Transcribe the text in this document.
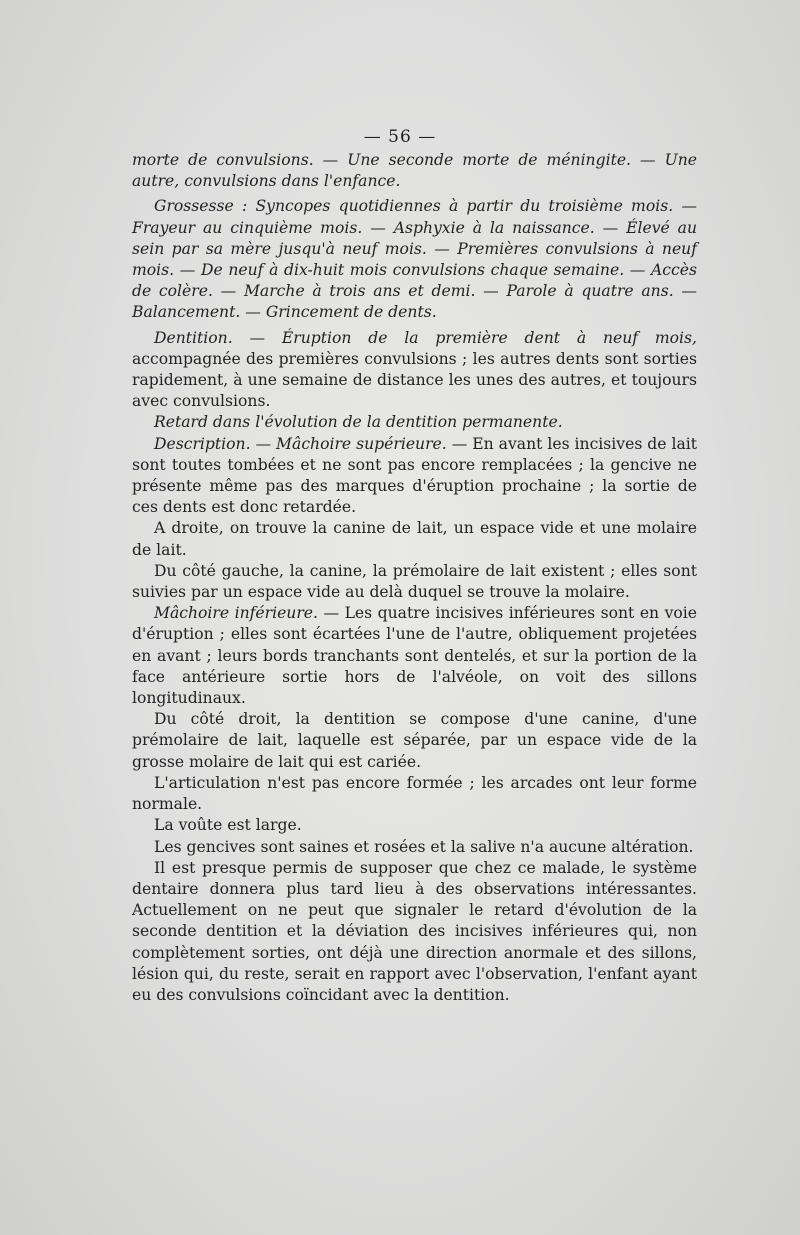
— 56 —

morte de convulsions. — Une seconde morte de méningite. — Une autre, convulsions dans l'enfance.

Grossesse : Syncopes quotidiennes à partir du troisième mois. — Frayeur au cinquième mois. — Asphyxie à la naissance. — Élevé au sein par sa mère jusqu'à neuf mois. — Premières convulsions à neuf mois. — De neuf à dix-huit mois convulsions chaque semaine. — Accès de colère. — Marche à trois ans et demi. — Parole à quatre ans. — Balancement. — Grincement de dents.

Dentition. — Éruption de la première dent à neuf mois, accompagnée des premières convulsions ; les autres dents sont sorties rapidement, à une semaine de distance les unes des autres, et toujours avec convulsions.

Retard dans l'évolution de la dentition permanente.

Description. — Mâchoire supérieure. — En avant les incisives de lait sont toutes tombées et ne sont pas encore remplacées ; la gencive ne présente même pas des marques d'éruption prochaine ; la sortie de ces dents est donc retardée.

A droite, on trouve la canine de lait, un espace vide et une molaire de lait.

Du côté gauche, la canine, la prémolaire de lait existent ; elles sont suivies par un espace vide au delà duquel se trouve la molaire.

Mâchoire inférieure. — Les quatre incisives inférieures sont en voie d'éruption ; elles sont écartées l'une de l'autre, obliquement projetées en avant ; leurs bords tranchants sont dentelés, et sur la portion de la face antérieure sortie hors de l'alvéole, on voit des sillons longitudinaux.

Du côté droit, la dentition se compose d'une canine, d'une prémolaire de lait, laquelle est séparée, par un espace vide de la grosse molaire de lait qui est cariée.

L'articulation n'est pas encore formée ; les arcades ont leur forme normale.

La voûte est large.

Les gencives sont saines et rosées et la salive n'a aucune altération.

Il est presque permis de supposer que chez ce malade, le système dentaire donnera plus tard lieu à des observations intéressantes. Actuellement on ne peut que signaler le retard d'évolution de la seconde dentition et la déviation des incisives inférieures qui, non complètement sorties, ont déjà une direction anormale et des sillons, lésion qui, du reste, serait en rapport avec l'observation, l'enfant ayant eu des convulsions coïncidant avec la dentition.
